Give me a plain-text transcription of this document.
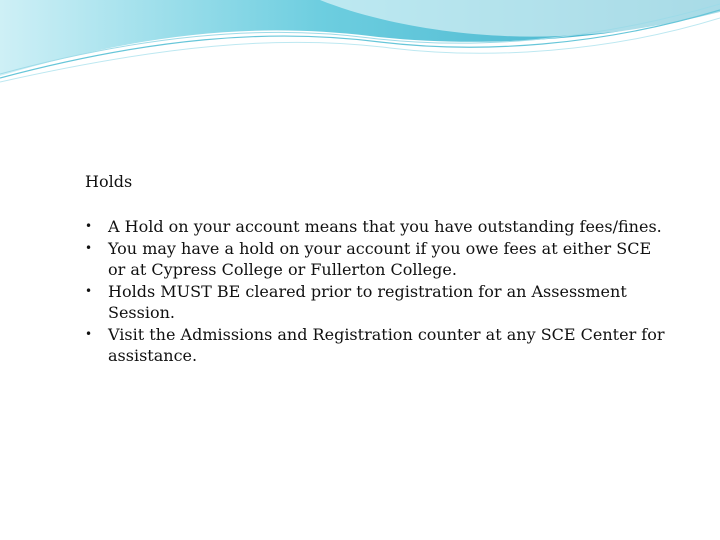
Holds
• A Hold on your account means that you have outstanding fees/fines.
• You may have a hold on your account if you owe fees at either SCE or at Cypress College or Fullerton College.
• Holds MUST BE cleared prior to registration for an Assessment Session.
• Visit the Admissions and Registration counter at any SCE Center for assistance.
